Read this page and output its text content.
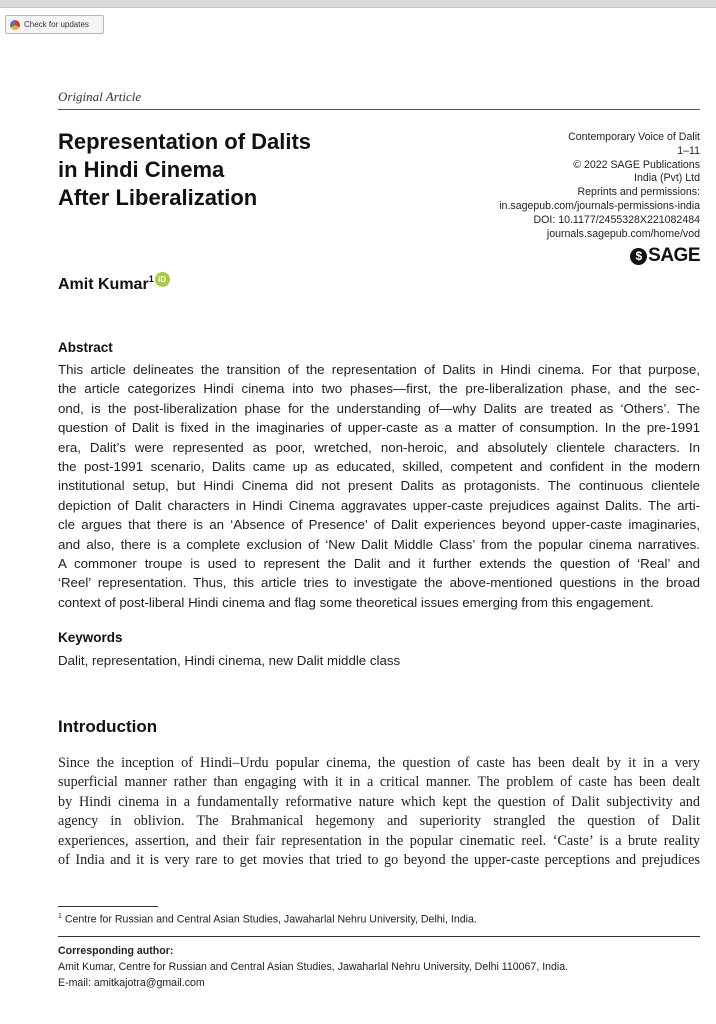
Check for updates
Original Article
Representation of Dalits
in Hindi Cinema
After Liberalization
Contemporary Voice of Dalit
1–11
© 2022 SAGE Publications
India (Pvt) Ltd
Reprints and permissions:
in.sagepub.com/journals-permissions-india
DOI: 10.1177/2455328X221082484
journals.sagepub.com/home/vod
$ SAGE
Amit Kumar$^1$ iD
Abstract
This article delineates the transition of the representation of Dalits in Hindi cinema. For that purpose,
the article categorizes Hindi cinema into two phases—first, the pre-liberalization phase, and the sec-
ond, is the post-liberalization phase for the understanding of—why Dalits are treated as ‘Others’. The
question of Dalit is fixed in the imaginaries of upper-caste as a matter of consumption. In the pre-1991
era, Dalit’s were represented as poor, wretched, non-heroic, and absolutely clientele characters. In
the post-1991 scenario, Dalits came up as educated, skilled, competent and confident in the modern
institutional setup, but Hindi Cinema did not present Dalits as protagonists. The continuous clientele
depiction of Dalit characters in Hindi Cinema aggravates upper-caste prejudices against Dalits. The arti-
cle argues that there is an ‘Absence of Presence’ of Dalit experiences beyond upper-caste imaginaries,
and also, there is a complete exclusion of ‘New Dalit Middle Class’ from the popular cinema narratives.
A commoner troupe is used to represent the Dalit and it further extends the question of ‘Real’ and
‘Reel’ representation. Thus, this article tries to investigate the above-mentioned questions in the broad
context of post-liberal Hindi cinema and flag some theoretical issues emerging from this engagement.
Keywords
Dalit, representation, Hindi cinema, new Dalit middle class
Introduction
Since the inception of Hindi–Urdu popular cinema, the question of caste has been dealt by it in a very
superficial manner rather than engaging with it in a critical manner. The problem of caste has been dealt
by Hindi cinema in a fundamentally reformative nature which kept the question of Dalit subjectivity and
agency in oblivion. The Brahmanical hegemony and superiority strangled the question of Dalit
experiences, assertion, and their fair representation in the popular cinematic reel. ‘Caste’ is a brute reality
of India and it is very rare to get movies that tried to go beyond the upper-caste perceptions and prejudices
$^1$ Centre for Russian and Central Asian Studies, Jawaharlal Nehru University, Delhi, India.
Corresponding author:
Amit Kumar, Centre for Russian and Central Asian Studies, Jawaharlal Nehru University, Delhi 110067, India.
E-mail: amitkajotra@gmail.com
